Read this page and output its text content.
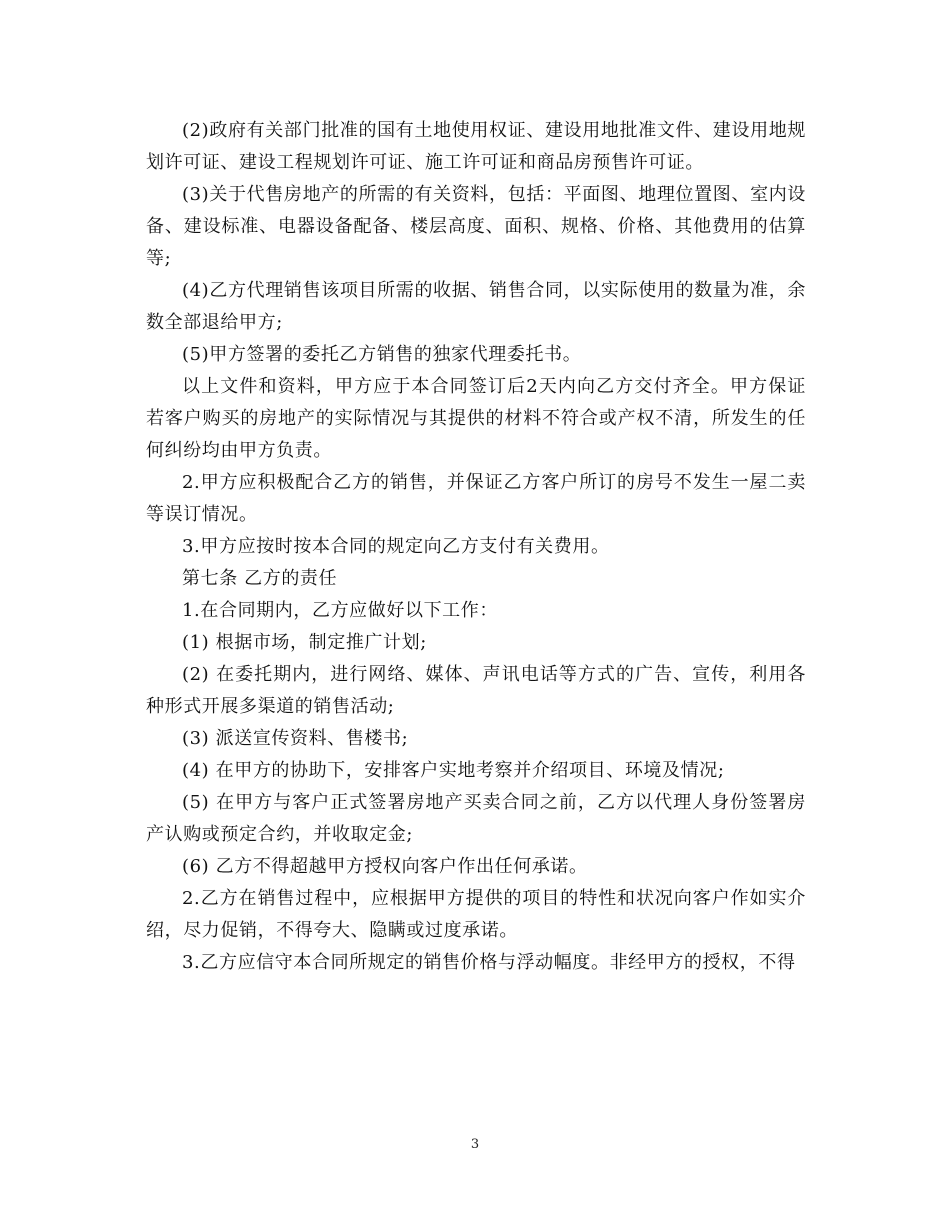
(2)政府有关部门批准的国有土地使用权证、建设用地批准文件、建设用地规划许可证、建设工程规划许可证、施工许可证和商品房预售许可证。

(3)关于代售房地产的所需的有关资料，包括：平面图、地理位置图、室内设备、建设标准、电器设备配备、楼层高度、面积、规格、价格、其他费用的估算等;

(4)乙方代理销售该项目所需的收据、销售合同，以实际使用的数量为准，余数全部退给甲方;

(5)甲方签署的委托乙方销售的独家代理委托书。

以上文件和资料，甲方应于本合同签订后2天内向乙方交付齐全。甲方保证若客户购买的房地产的实际情况与其提供的材料不符合或产权不清，所发生的任何纠纷均由甲方负责。

2.甲方应积极配合乙方的销售，并保证乙方客户所订的房号不发生一屋二卖等误订情况。

3.甲方应按时按本合同的规定向乙方支付有关费用。

第七条 乙方的责任

1.在合同期内，乙方应做好以下工作：

(1) 根据市场，制定推广计划;

(2) 在委托期内，进行网络、媒体、声讯电话等方式的广告、宣传，利用各种形式开展多渠道的销售活动;

(3) 派送宣传资料、售楼书;

(4) 在甲方的协助下，安排客户实地考察并介绍项目、环境及情况;

(5) 在甲方与客户正式签署房地产买卖合同之前，乙方以代理人身份签署房产认购或预定合约，并收取定金;

(6) 乙方不得超越甲方授权向客户作出任何承诺。

2.乙方在销售过程中，应根据甲方提供的项目的特性和状况向客户作如实介绍，尽力促销，不得夸大、隐瞒或过度承诺。

3.乙方应信守本合同所规定的销售价格与浮动幅度。非经甲方的授权，不得

3
